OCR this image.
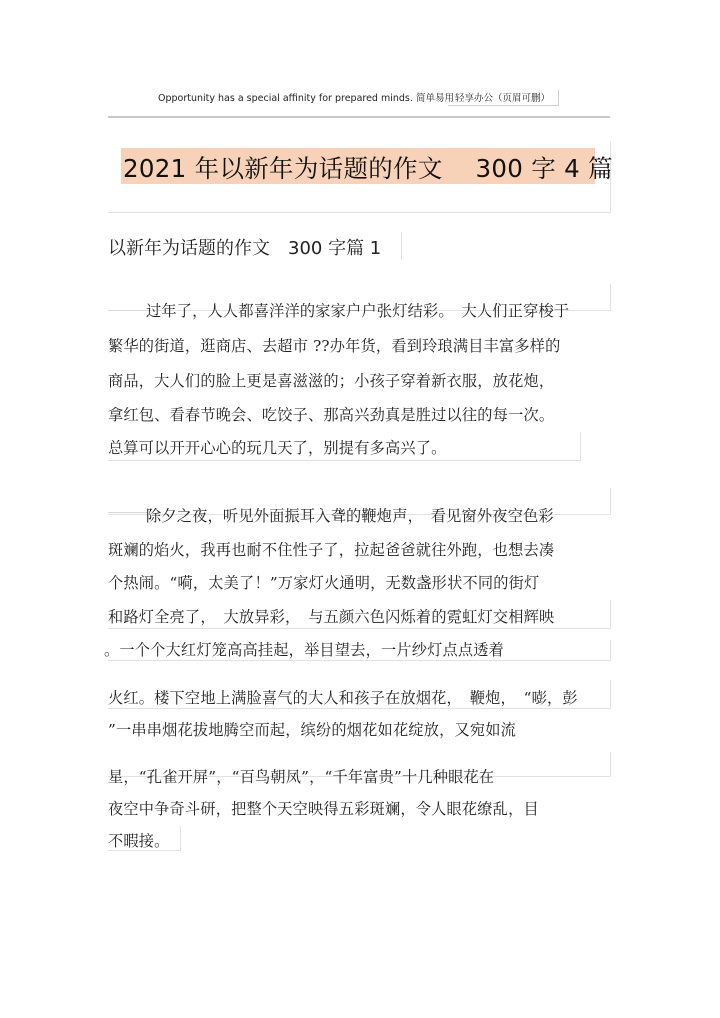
Opportunity has a special affinity for prepared minds. 简单易用 轻享办公（页眉可删）
2021 年以新年为话题的作文　 300 字 4 篇
以新年为话题的作文　300 字篇 1
过年了，人人都喜洋洋的家家户户张灯结彩。　大人们正穿梭于
繁华的街道，逛商店、去超市 ??办年货，看到玲琅满目丰富多样的
商品，大人们的脸上更是喜滋滋的；小孩子穿着新衣服，放花炮，
拿红包、看春节晚会、吃饺子、那高兴劲真是胜过以往的每一次。
总算可以开开心心的玩几天了，别提有多高兴了。
除夕之夜，听见外面振耳入聋的鞭炮声，　看见窗外夜空色彩
斑斓的焰火，我再也耐不住性子了，拉起爸爸就往外跑，也想去凑
个热闹。“嗬，太美了！”万家灯火通明，无数盏形状不同的街灯
和路灯全亮了，　大放异彩，　与五颜六色闪烁着的霓虹灯交相辉映
。一个个大红灯笼高高挂起，举目望去，一片纱灯点点透着
火红。楼下空地上满脸喜气的大人和孩子在放烟花，　鞭炮，　“嘭，彭
”一串串烟花拔地腾空而起，缤纷的烟花如花绽放，又宛如流
星，“孔雀开屏”，“百鸟朝凤”，“千年富贵”十几种眼花在
夜空中争奇斗研，把整个天空映得五彩斑斓，令人眼花缭乱，目
不暇接。
